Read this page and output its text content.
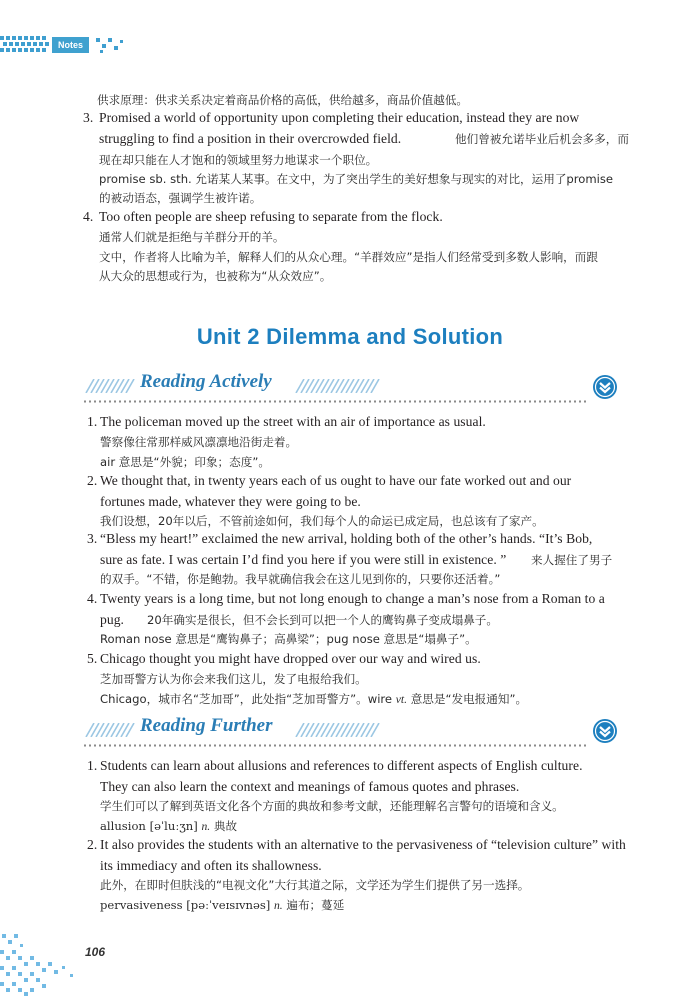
Notes
供求原理：供求关系决定着商品价格的高低，供给越多，商品价值越低。
3. Promised a world of opportunity upon completing their education, instead they are now
struggling to find a position in their overcrowded field.	他们曾被允诺毕业后机会多多，而
现在却只能在人才饱和的领域里努力地谋求一个职位。
promise sb. sth. 允诺某人某事。在文中，为了突出学生的美好想象与现实的对比，运用了promise
的被动语态，强调学生被许诺。
4. Too often people are sheep refusing to separate from the flock.
通常人们就是拒绝与羊群分开的羊。
文中，作者将人比喻为羊，解释人们的从众心理。“羊群效应”是指人们经常受到多数人影响，而跟
从大众的思想或行为，也被称为“从众效应”。
Unit 2 Dilemma and Solution
Reading Actively
1. The policeman moved up the street with an air of importance as usual.
警察像往常那样威风凛凛地沿街走着。
air 意思是“外貌；印象；态度”。
2. We thought that, in twenty years each of us ought to have our fate worked out and our
fortunes made, whatever they were going to be.
我们设想，20年以后，不管前途如何，我们每个人的命运已成定局，也总该有了家产。
3. “Bless my heart!” exclaimed the new arrival, holding both of the other’s hands. “It’s Bob,
sure as fate. I was certain I’d find you here if you were still in existence. ” 来人握住了男子
的双手。“不错，你是鲍勃。我早就确信我会在这儿见到你的，只要你还活着。”
4. Twenty years is a long time, but not long enough to change a man’s nose from a Roman to a
pug. 20年确实是很长，但不会长到可以把一个人的鹰钩鼻子变成塌鼻子。
Roman nose 意思是“鹰钩鼻子；高鼻梁”；pug nose 意思是“塌鼻子”。
5. Chicago thought you might have dropped over our way and wired us.
芝加哥警方认为你会来我们这儿，发了电报给我们。
Chicago，城市名“芝加哥”，此处指“芝加哥警方”。wire vt. 意思是“发电报通知”。
Reading Further
1. Students can learn about allusions and references to different aspects of English culture.
They can also learn the context and meanings of famous quotes and phrases.
学生们可以了解到英语文化各个方面的典故和参考文献，还能理解名言警句的语境和含义。
allusion [əˈluːʒn] n. 典故
2. It also provides the students with an alternative to the pervasiveness of “television culture” with
its immediacy and often its shallowness.
此外，在即时但肤浅的“电视文化”大行其道之际，文学还为学生们提供了另一选择。
pervasiveness [pəːˈveɪsɪvnəs] n. 遍布；蔓延
106
